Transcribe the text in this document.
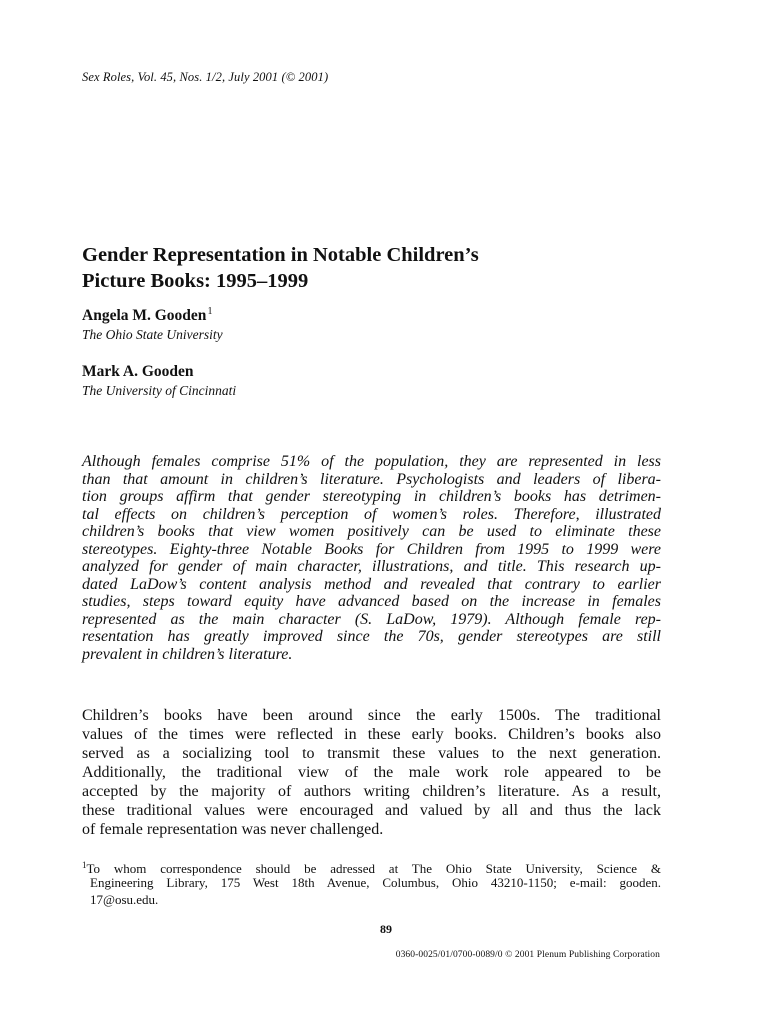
Sex Roles, Vol. 45, Nos. 1/2, July 2001 (© 2001)
Gender Representation in Notable Children’s
Picture Books: 1995–1999
Angela M. Gooden$^1$
The Ohio State University
Mark A. Gooden
The University of Cincinnati
Although females comprise 51% of the population, they are represented in less
than that amount in children’s literature. Psychologists and leaders of libera-
tion groups affirm that gender stereotyping in children’s books has detrimen-
tal effects on children’s perception of women’s roles. Therefore, illustrated
children’s books that view women positively can be used to eliminate these
stereotypes. Eighty-three Notable Books for Children from 1995 to 1999 were
analyzed for gender of main character, illustrations, and title. This research up-
dated LaDow’s content analysis method and revealed that contrary to earlier
studies, steps toward equity have advanced based on the increase in females
represented as the main character (S. LaDow, 1979). Although female rep-
resentation has greatly improved since the 70s, gender stereotypes are still
prevalent in children’s literature.
Children’s books have been around since the early 1500s. The traditional
values of the times were reflected in these early books. Children’s books also
served as a socializing tool to transmit these values to the next generation.
Additionally, the traditional view of the male work role appeared to be
accepted by the majority of authors writing children’s literature. As a result,
these traditional values were encouraged and valued by all and thus the lack
of female representation was never challenged.
$^1$To whom correspondence should be adressed at The Ohio State University, Science &
Engineering Library, 175 West 18th Avenue, Columbus, Ohio 43210-1150; e-mail: gooden.
17@osu.edu.
89
0360-0025/01/0700-0089/0 © 2001 Plenum Publishing Corporation
